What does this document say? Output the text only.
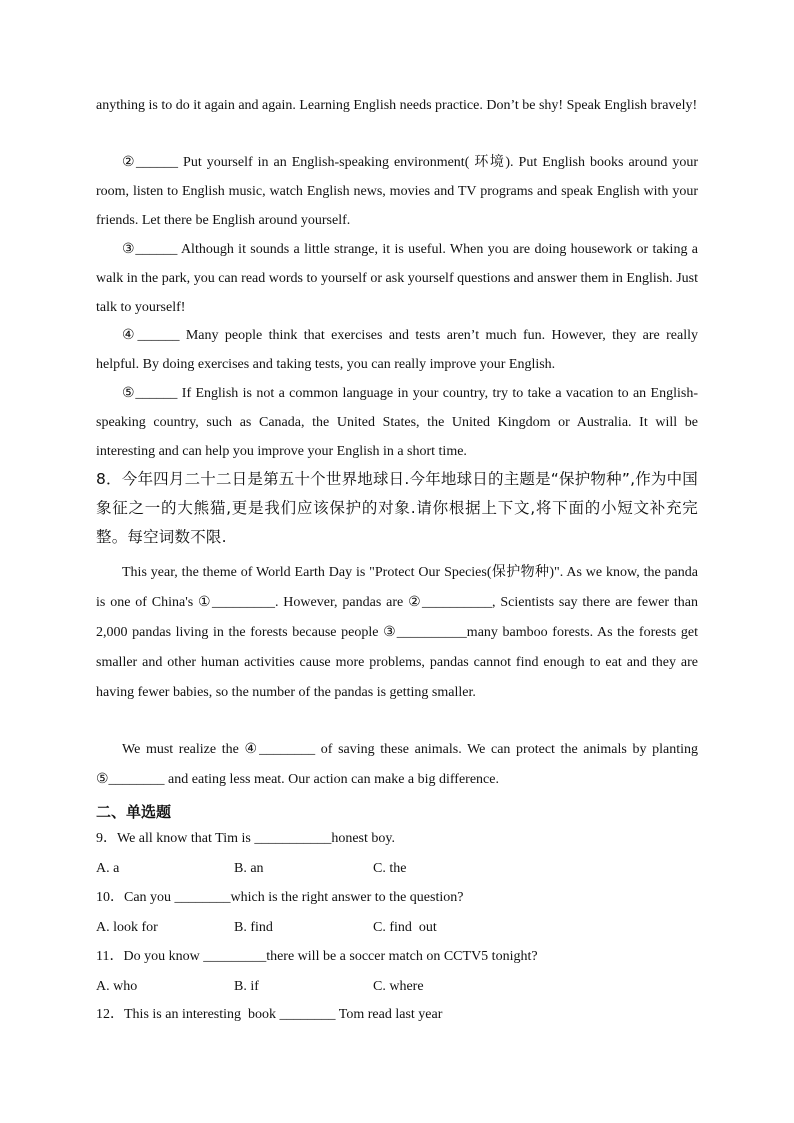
anything is to do it again and again. Learning English needs practice. Don’t be shy! Speak English bravely!
②______ Put yourself in an English-speaking environment( 环境). Put English books around your room, listen to English music, watch English news, movies and TV programs and speak English with your friends. Let there be English around yourself.
③______ Although it sounds a little strange, it is useful. When you are doing housework or taking a walk in the park, you can read words to yourself or ask yourself questions and answer them in English. Just talk to yourself!
④______ Many people think that exercises and tests aren’t much fun. However, they are really helpful. By doing exercises and taking tests, you can really improve your English.
⑤______ If English is not a common language in your country, try to take a vacation to an English-speaking country, such as Canada, the United States, the United Kingdom or Australia. It will be interesting and can help you improve your English in a short time.
8．今年四月二十二日是第五十个世界地球日.今年地球日的主题是“保护物种”,作为中国象征之一的大熊猫,更是我们应该保护的对象.请你根据上下文,将下面的小短文补充完整。每空词数不限.
This year, the theme of World Earth Day is "Protect Our Species(保护物种)". As we know, the panda is one of China's ①_________. However, pandas are ②__________, Scientists say there are fewer than 2,000 pandas living in the forests because people ③__________many bamboo forests. As the forests get smaller and other human activities cause more problems, pandas cannot find enough to eat and they are having fewer babies, so the number of the pandas is getting smaller.
We must realize the ④________ of saving these animals. We can protect the animals by planting ⑤________ and eating less meat. Our action can make a big difference.
二、单选题
9．We all know that Tim is ___________honest boy.
A. a	B. an	C. the
10．Can you ________which is the right answer to the question?
A. look for	B. find	C. find  out
11．Do you know _________there will be a soccer match on CCTV5 tonight?
A. who	B. if	C. where
12．This is an interesting  book ________ Tom read last year
